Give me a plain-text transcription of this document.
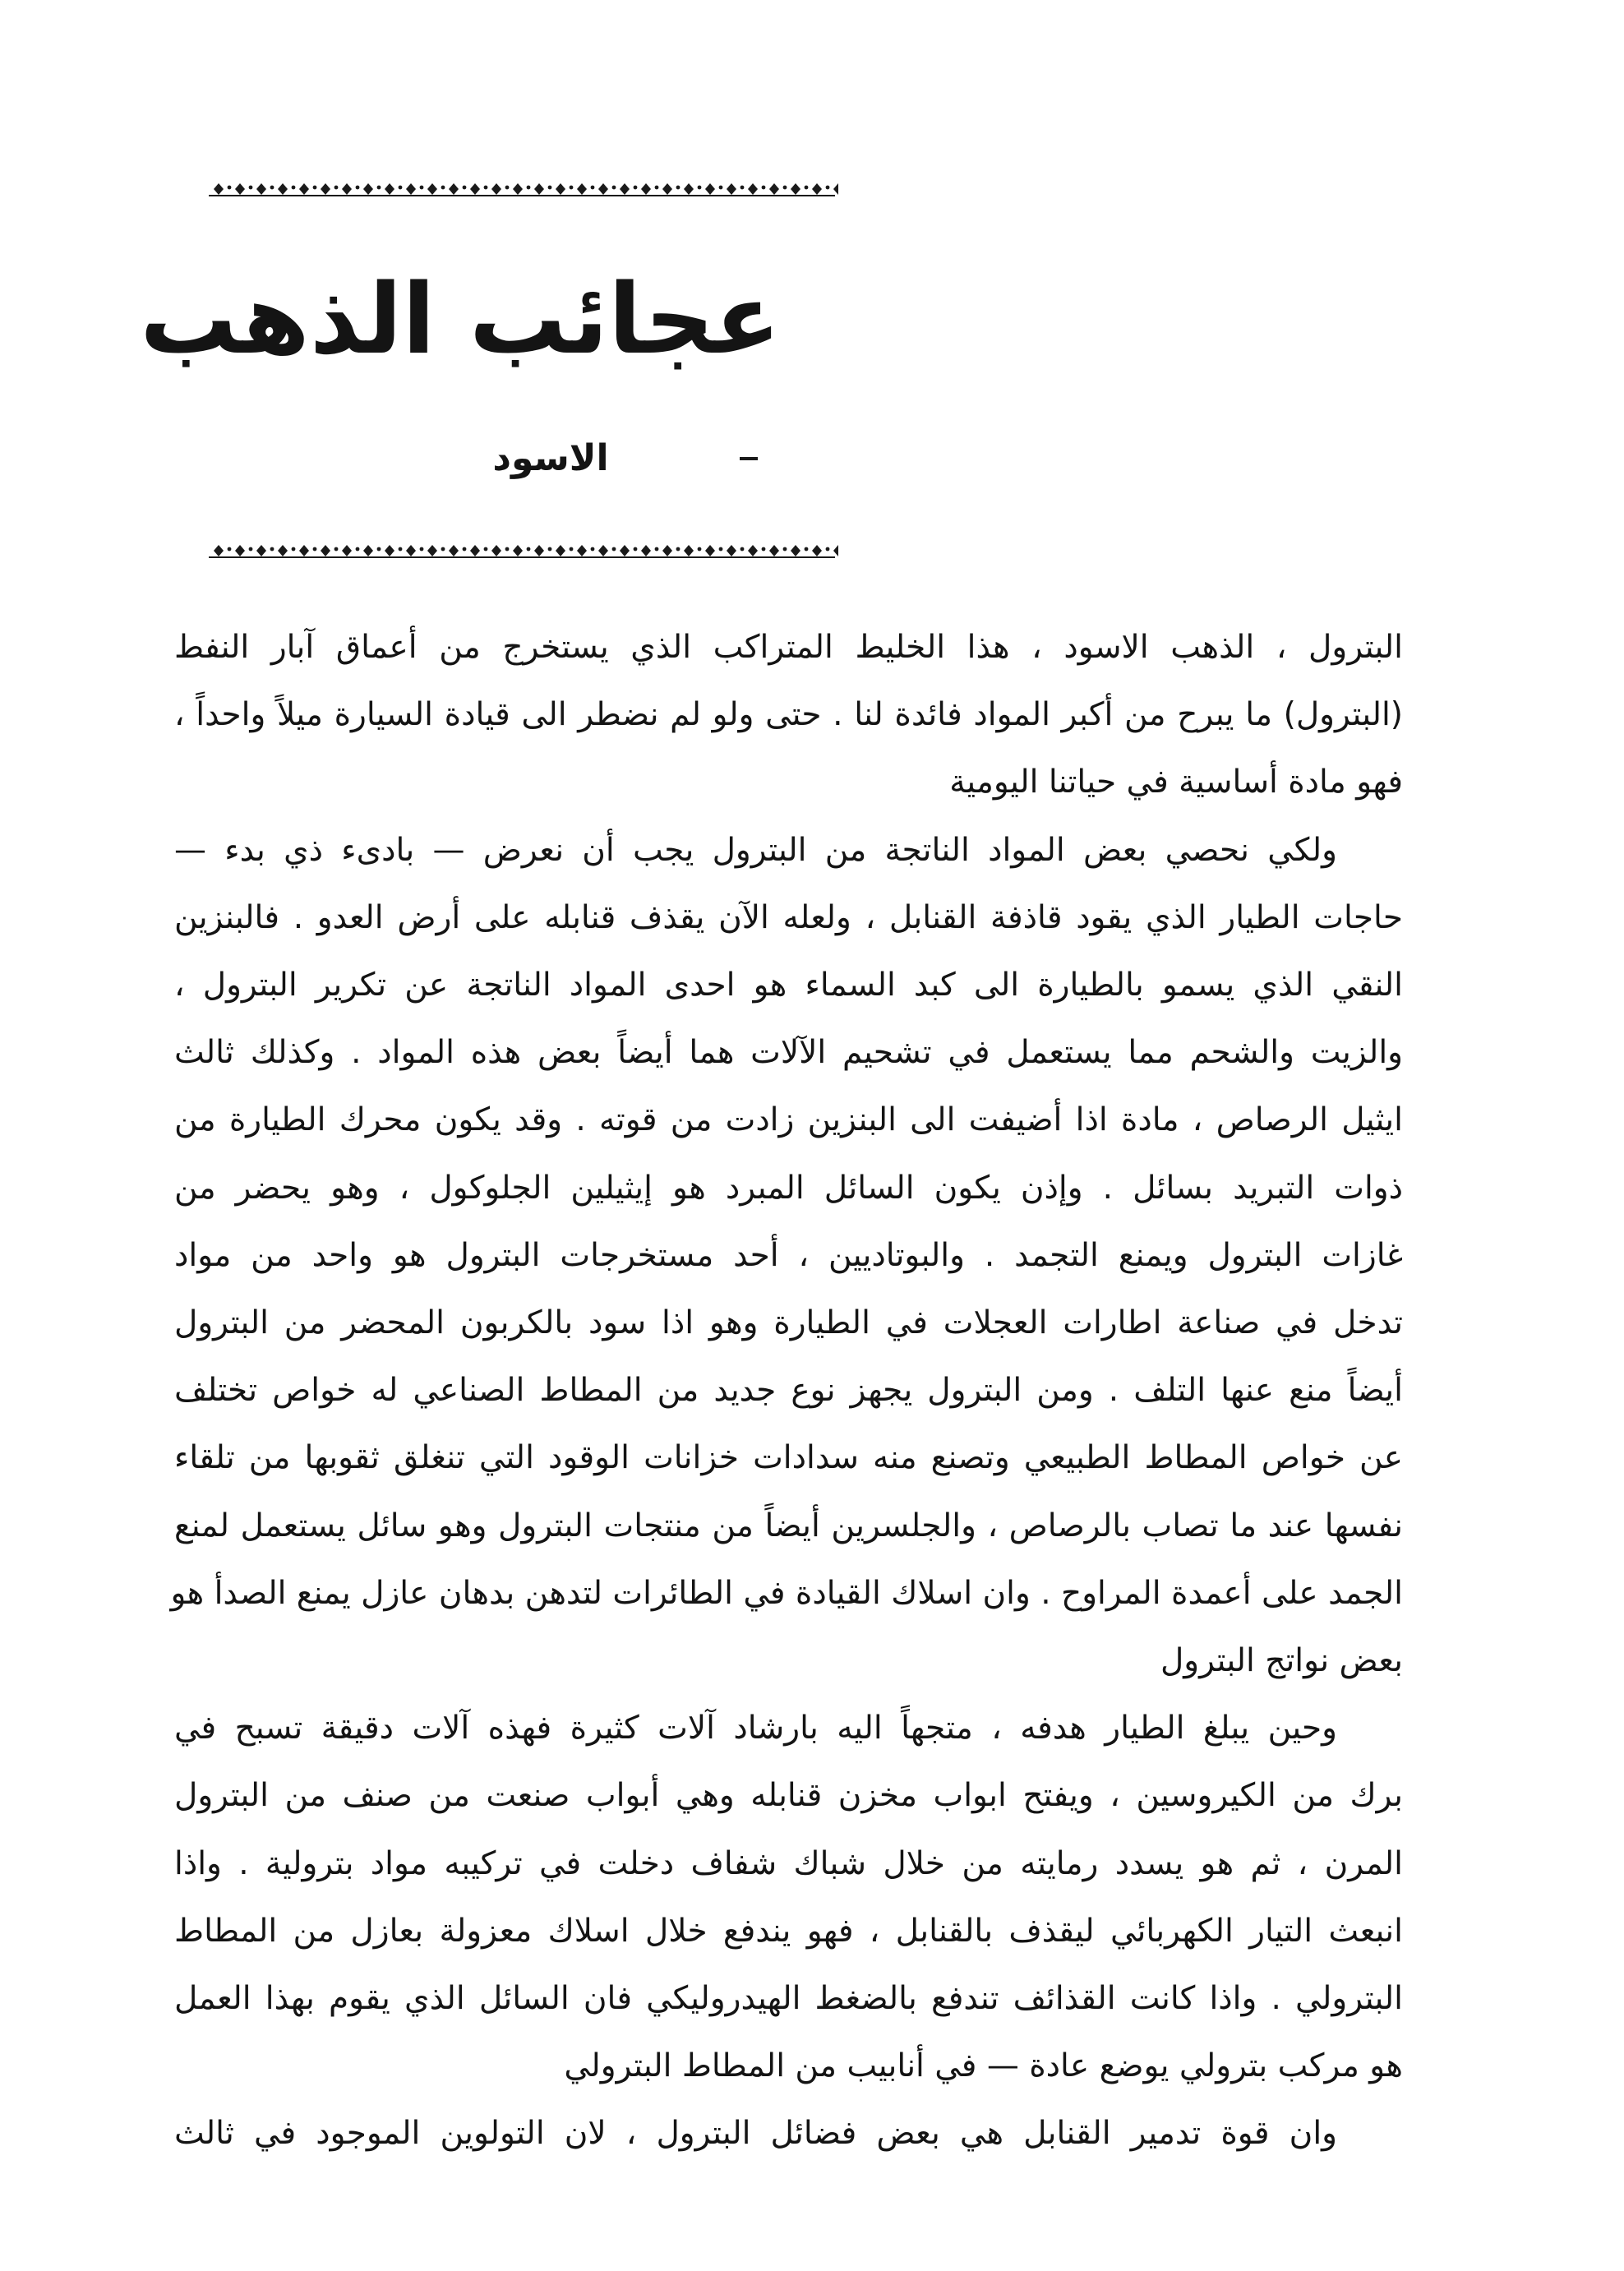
عجائب الذهب
الاسود
البترول ، الذهب الاسود ، هذا الخليط المتراكب الذي يستخرج من أعماق آبار النفط
(البترول) ما يبرح من أكبر المواد فائدة لنا . حتى ولو لم نضطر الى قيادة السيارة ميلاً واحداً ،
فهو مادة أساسية في حياتنا اليومية
ولكي نحصي بعض المواد الناتجة من البترول يجب أن نعرض — بادىء ذي بدء —
حاجات الطيار الذي يقود قاذفة القنابل ، ولعله الآن يقذف قنابله على أرض العدو . فالبنزين
النقي الذي يسمو بالطيارة الى كبد السماء هو احدى المواد الناتجة عن تكرير البترول ،
والزيت والشحم مما يستعمل في تشحيم الآلات هما أيضاً بعض هذه المواد . وكذلك ثالث
ايثيل الرصاص ، مادة اذا أضيفت الى البنزين زادت من قوته . وقد يكون محرك الطيارة من
ذوات التبريد بسائل . وإذن يكون السائل المبرد هو إيثيلين الجلوكول ، وهو يحضر من
غازات البترول ويمنع التجمد . والبوتاديين ، أحد مستخرجات البترول هو واحد من مواد
تدخل في صناعة اطارات العجلات في الطيارة وهو اذا سود بالكربون المحضر من البترول
أيضاً منع عنها التلف . ومن البترول يجهز نوع جديد من المطاط الصناعي له خواص تختلف
عن خواص المطاط الطبيعي وتصنع منه سدادات خزانات الوقود التي تنغلق ثقوبها من تلقاء
نفسها عند ما تصاب بالرصاص ، والجلسرين أيضاً من منتجات البترول وهو سائل يستعمل لمنع
الجمد على أعمدة المراوح . وان اسلاك القيادة في الطائرات لتدهن بدهان عازل يمنع الصدأ هو
بعض نواتج البترول
وحين يبلغ الطيار هدفه ، متجهاً اليه بارشاد آلات كثيرة فهذه آلات دقيقة تسبح في
برك من الكيروسين ، ويفتح ابواب مخزن قنابله وهي أبواب صنعت من صنف من البترول
المرن ، ثم هو يسدد رمايته من خلال شباك شفاف دخلت في تركيبه مواد بترولية . واذا
انبعث التيار الكهربائي ليقذف بالقنابل ، فهو يندفع خلال اسلاك معزولة بعازل من المطاط
البترولي . واذا كانت القذائف تندفع بالضغط الهيدروليكي فان السائل الذي يقوم بهذا العمل
هو مركب بترولي يوضع عادة — في أنابيب من المطاط البترولي
وان قوة تدمير القنابل هي بعض فضائل البترول ، لان التولوين الموجود في ثالث
